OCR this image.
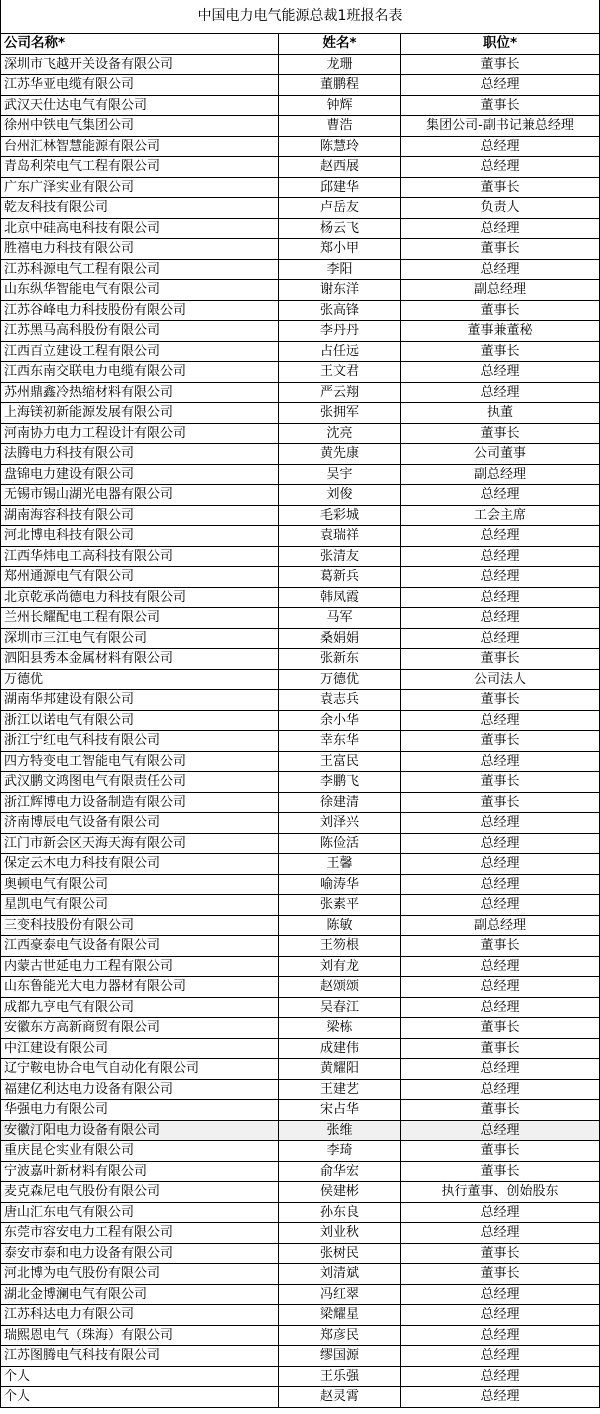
中国电力电气能源总裁1班报名表		
公司名称*	姓名*	职位*
深圳市飞越开关设备有限公司	龙珊	董事长
江苏华亚电缆有限公司	董鹏程	总经理
武汉天仕达电气有限公司	钟辉	董事长
徐州中铁电气集团公司	曹浩	集团公司-副书记兼总经理
台州汇林智慧能源有限公司	陈慧玲	总经理
青岛利荣电气工程有限公司	赵西展	总经理
广东广泽实业有限公司	邱建华	董事长
乾友科技有限公司	卢岳友	负责人
北京中硅高电科技有限公司	杨云飞	总经理
胜禧电力科技有限公司	郑小甲	董事长
江苏科源电气工程有限公司	李阳	总经理
山东纵华智能电气有限公司	谢东洋	副总经理
江苏谷峰电力科技股份有限公司	张高锋	董事长
江苏黑马高科股份有限公司	李丹丹	董事兼董秘
江西百立建设工程有限公司	占任远	董事长
江西东南交联电力电缆有限公司	王文君	总经理
苏州鼎鑫冷热缩材料有限公司	严云翔	总经理
上海镁初新能源发展有限公司	张拥军	执董
河南协力电力工程设计有限公司	沈亮	董事长
法腾电力科技有限公司	黄先康	公司董事
盘锦电力建设有限公司	吴宇	副总经理
无锡市锡山湖光电器有限公司	刘俊	总经理
湖南海容科技有限公司	毛彩城	工会主席
河北博电科技有限公司	袁瑞祥	总经理
江西华炜电工高科技有限公司	张清友	总经理
郑州通源电气有限公司	葛新兵	总经理
北京乾承尚德电力科技有限公司	韩凤霞	总经理
兰州长耀配电工程有限公司	马军	总经理
深圳市三江电气有限公司	桑娟娟	总经理
泗阳县秀本金属材料有限公司	张新东	董事长
万德优	万德优	公司法人
湖南华邦建设有限公司	袁志兵	董事长
浙江以诺电气有限公司	余小华	总经理
浙江宁红电气科技有限公司	幸东华	董事长
四方特变电工智能电气有限公司	王富民	总经理
武汉鹏文鸿图电气有限责任公司	李鹏飞	董事长
浙江辉博电力设备制造有限公司	徐建清	董事长
济南博辰电气设备有限公司	刘泽兴	总经理
江门市新会区天海天海有限公司	陈俭活	总经理
保定云木电力科技有限公司	王馨	总经理
奥顿电气有限公司	喻涛华	总经理
星凯电气有限公司	张素平	总经理
三变科技股份有限公司	陈敏	副总经理
江西豪泰电气设备有限公司	王笏根	董事长
内蒙古世延电力工程有限公司	刘有龙	总经理
山东鲁能光大电力器材有限公司	赵颂颂	总经理
成都九亨电气有限公司	吴春江	总经理
安徽东方高新商贸有限公司	梁栋	董事长
中江建设有限公司	成建伟	董事长
辽宁鞍电协合电气自动化有限公司	黄耀阳	总经理
福建亿利达电力设备有限公司	王建艺	总经理
华强电力有限公司	宋占华	董事长
安徽汀阳电力设备有限公司	张维	总经理
重庆昆仑实业有限公司	李琦	董事长
宁波嘉叶新材料有限公司	俞华宏	董事长
麦克森尼电气股份有限公司	侯建彬	执行董事、创始股东
唐山汇东电气有限公司	孙东良	总经理
东莞市容安电力工程有限公司	刘业秋	总经理
泰安市泰和电力设备有限公司	张树民	董事长
河北博为电气股份有限公司	刘清斌	董事长
湖北金博澜电气有限公司	冯红翠	总经理
江苏科达电力有限公司	梁耀星	总经理
瑞熙恩电气（珠海）有限公司	郑彦民	总经理
江苏图腾电气科技有限公司	缪国源	总经理
个人	王乐强	总经理
个人	赵灵霄	总经理
